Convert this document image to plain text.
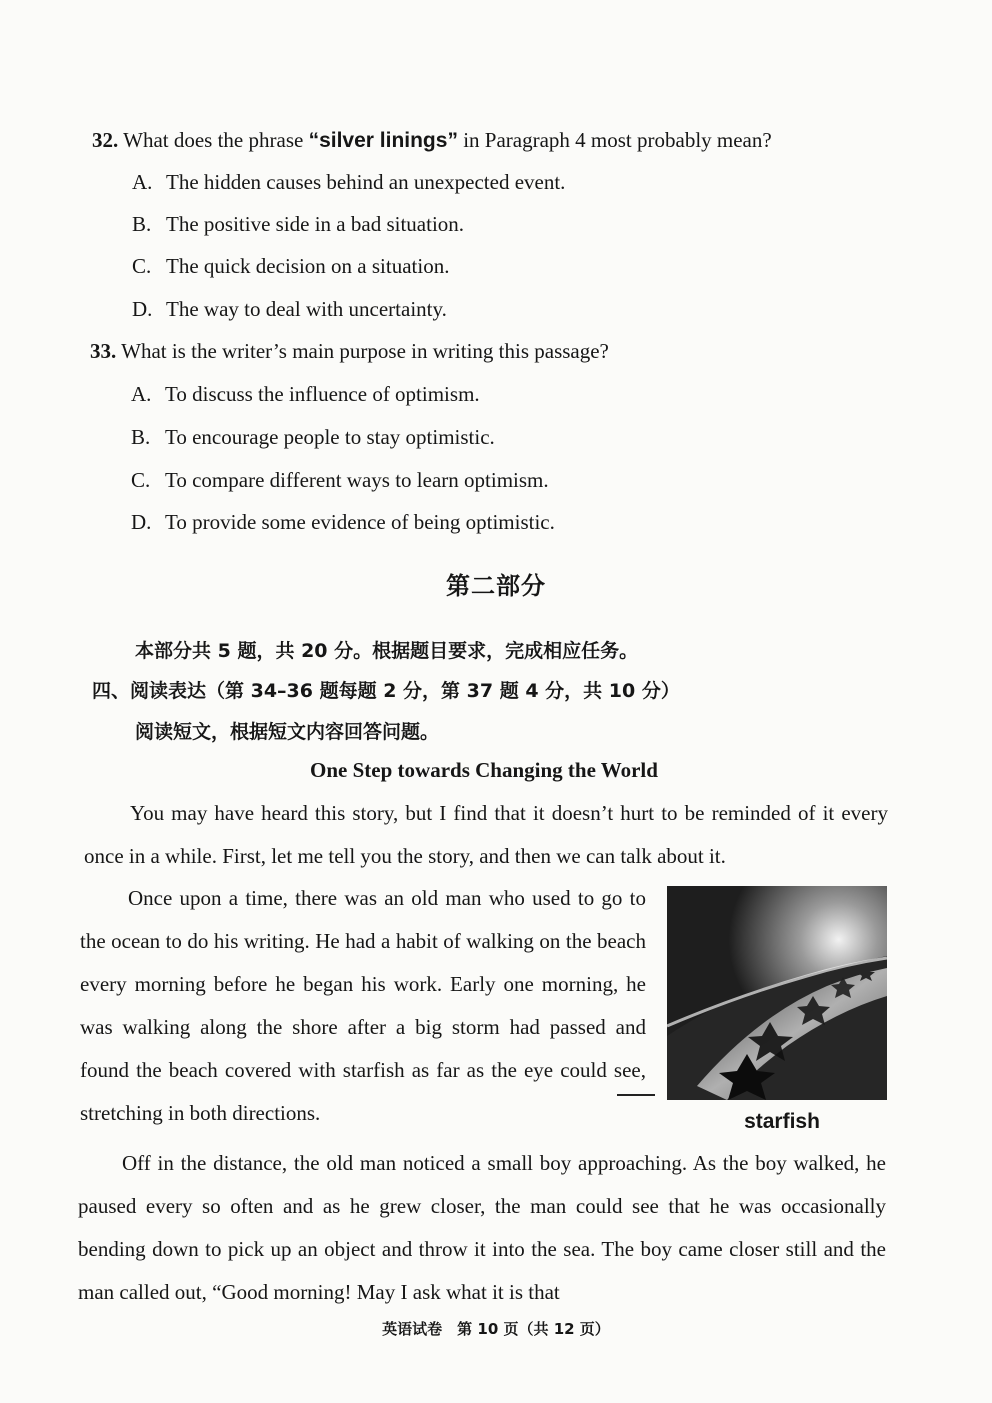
32. What does the phrase “silver linings” in Paragraph 4 most probably mean?
A. The hidden causes behind an unexpected event.
B. The positive side in a bad situation.
C. The quick decision on a situation.
D. The way to deal with uncertainty.
33. What is the writer’s main purpose in writing this passage?
A. To discuss the influence of optimism.
B. To encourage people to stay optimistic.
C. To compare different ways to learn optimism.
D. To provide some evidence of being optimistic.
第二部分
本部分共 5 题，共 20 分。根据题目要求，完成相应任务。
四、阅读表达（第 34–36 题每题 2 分，第 37 题 4 分，共 10 分）
阅读短文，根据短文内容回答问题。
One Step towards Changing the World

You may have heard this story, but I find that it doesn’t hurt to be reminded of it every once in a while. First, let me tell you the story, and then we can talk about it.

Once upon a time, there was an old man who used to go to the ocean to do his writing. He had a habit of walking on the beach every morning before he began his work. Early one morning, he was walking along the shore after a big storm had passed and found the beach covered with starfish as far as the eye could see, stretching in both directions.	starfish

Off in the distance, the old man noticed a small boy approaching. As the boy walked, he paused every so often and as he grew closer, the man could see that he was occasionally bending down to pick up an object and throw it into the sea. The boy came closer still and the man called out, “Good morning! May I ask what it is that

英语试卷　第 10 页（共 12 页）
